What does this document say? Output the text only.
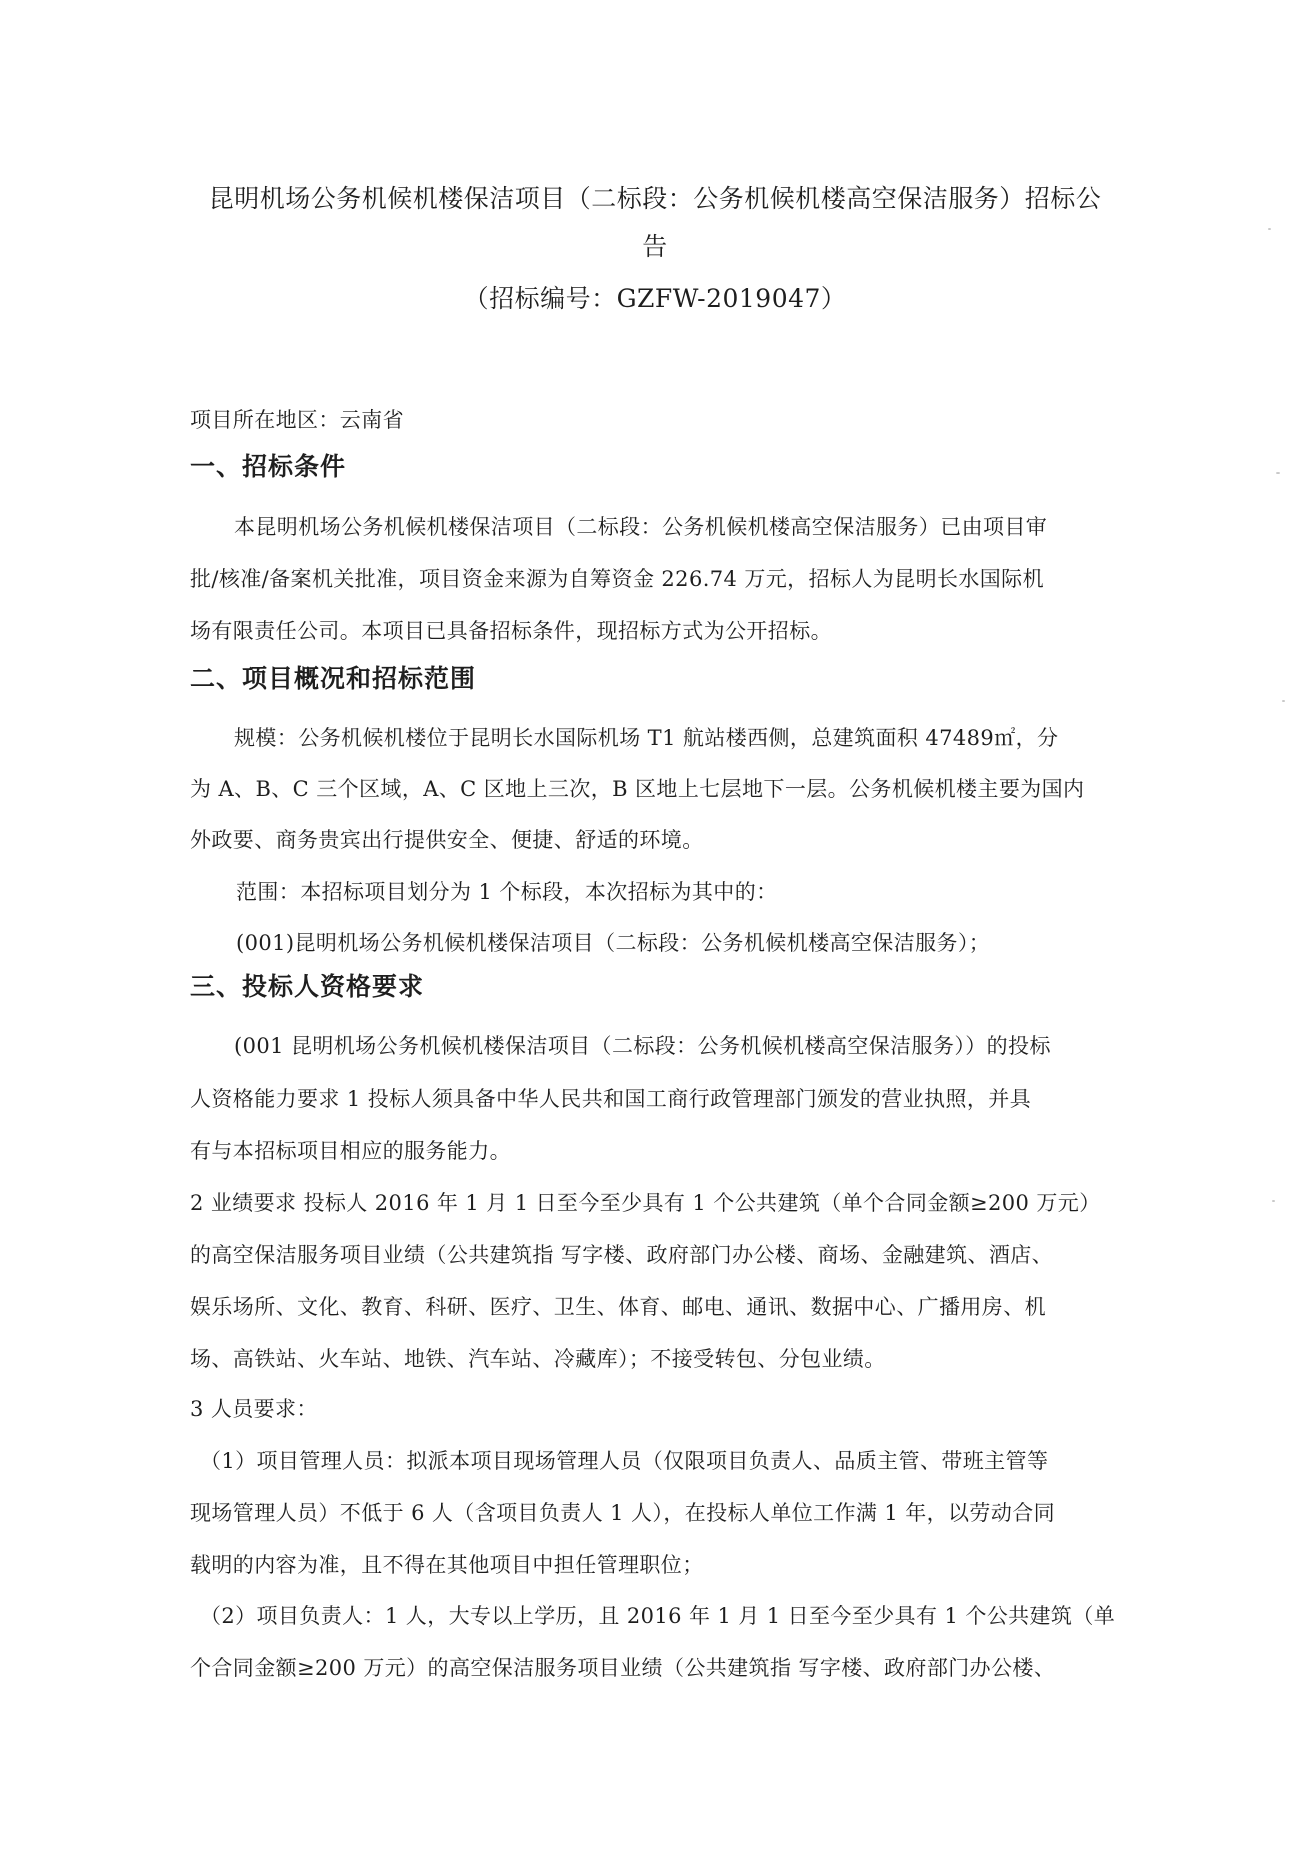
昆明机场公务机候机楼保洁项目（二标段：公务机候机楼高空保洁服务）招标公
告
（招标编号：GZFW-2019047）
项目所在地区：云南省
一、招标条件
本昆明机场公务机候机楼保洁项目（二标段：公务机候机楼高空保洁服务）已由项目审
批/核准/备案机关批准，项目资金来源为自筹资金 226.74 万元，招标人为昆明长水国际机
场有限责任公司。本项目已具备招标条件，现招标方式为公开招标。
二、项目概况和招标范围
规模：公务机候机楼位于昆明长水国际机场 T1 航站楼西侧，总建筑面积 47489㎡，分
为 A、B、C 三个区域，A、C 区地上三次，B 区地上七层地下一层。公务机候机楼主要为国内
外政要、商务贵宾出行提供安全、便捷、舒适的环境。
范围：本招标项目划分为 1 个标段，本次招标为其中的：
(001)昆明机场公务机候机楼保洁项目（二标段：公务机候机楼高空保洁服务）；
三、投标人资格要求
(001 昆明机场公务机候机楼保洁项目（二标段：公务机候机楼高空保洁服务））的投标
人资格能力要求 1 投标人须具备中华人民共和国工商行政管理部门颁发的营业执照，并具
有与本招标项目相应的服务能力。
2 业绩要求 投标人 2016 年 1 月 1 日至今至少具有 1 个公共建筑（单个合同金额≥200 万元）
的高空保洁服务项目业绩（公共建筑指 写字楼、政府部门办公楼、商场、金融建筑、酒店、
娱乐场所、文化、教育、科研、医疗、卫生、体育、邮电、通讯、数据中心、广播用房、机
场、高铁站、火车站、地铁、汽车站、冷藏库）；不接受转包、分包业绩。
3 人员要求：
（1）项目管理人员：拟派本项目现场管理人员（仅限项目负责人、品质主管、带班主管等
现场管理人员）不低于 6 人（含项目负责人 1 人），在投标人单位工作满 1 年，以劳动合同
载明的内容为准，且不得在其他项目中担任管理职位；
（2）项目负责人：1 人，大专以上学历，且 2016 年 1 月 1 日至今至少具有 1 个公共建筑（单
个合同金额≥200 万元）的高空保洁服务项目业绩（公共建筑指 写字楼、政府部门办公楼、
